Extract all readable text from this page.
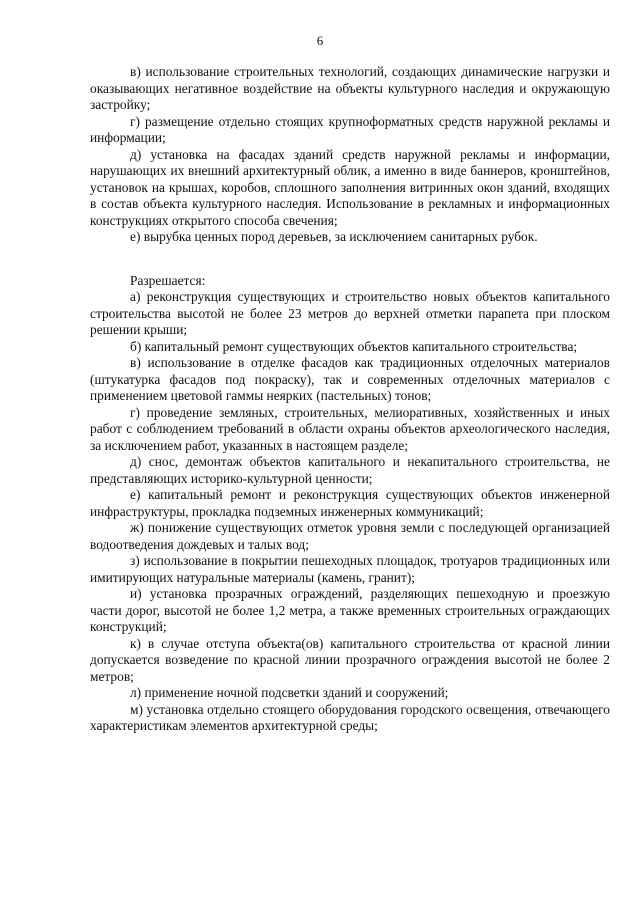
6

в) использование строительных технологий, создающих динамические нагрузки и оказывающих негативное воздействие на объекты культурного наследия и окружающую застройку;

г) размещение отдельно стоящих крупноформатных средств наружной рекламы и информации;

д) установка на фасадах зданий средств наружной рекламы и информации, нарушающих их внешний архитектурный облик, а именно в виде баннеров, кронштейнов, установок на крышах, коробов, сплошного заполнения витринных окон зданий, входящих в состав объекта культурного наследия. Использование в рекламных и информационных конструкциях открытого способа свечения;

е) вырубка ценных пород деревьев, за исключением санитарных рубок.

Разрешается:

а) реконструкция существующих и строительство новых объектов капитального строительства высотой не более 23 метров до верхней отметки парапета при плоском решении крыши;

б) капитальный ремонт существующих объектов капитального строительства;

в) использование в отделке фасадов как традиционных отделочных материалов (штукатурка фасадов под покраску), так и современных отделочных материалов с применением цветовой гаммы неярких (пастельных) тонов;

г) проведение земляных, строительных, мелиоративных, хозяйственных и иных работ с соблюдением требований в области охраны объектов археологического наследия, за исключением работ, указанных в настоящем разделе;

д) снос, демонтаж объектов капитального и некапитального строительства, не представляющих историко-культурной ценности;

е) капитальный ремонт и реконструкция существующих объектов инженерной инфраструктуры, прокладка подземных инженерных коммуникаций;

ж) понижение существующих отметок уровня земли с последующей организацией водоотведения дождевых и талых вод;

з) использование в покрытии пешеходных площадок, тротуаров традиционных или имитирующих натуральные материалы (камень, гранит);

и) установка прозрачных ограждений, разделяющих пешеходную и проезжую части дорог, высотой не более 1,2 метра, а также временных строительных ограждающих конструкций;

к) в случае отступа объекта(ов) капитального строительства от красной линии допускается возведение по красной линии прозрачного ограждения высотой не более 2 метров;

л) применение ночной подсветки зданий и сооружений;

м) установка отдельно стоящего оборудования городского освещения, отвечающего характеристикам элементов архитектурной среды;
